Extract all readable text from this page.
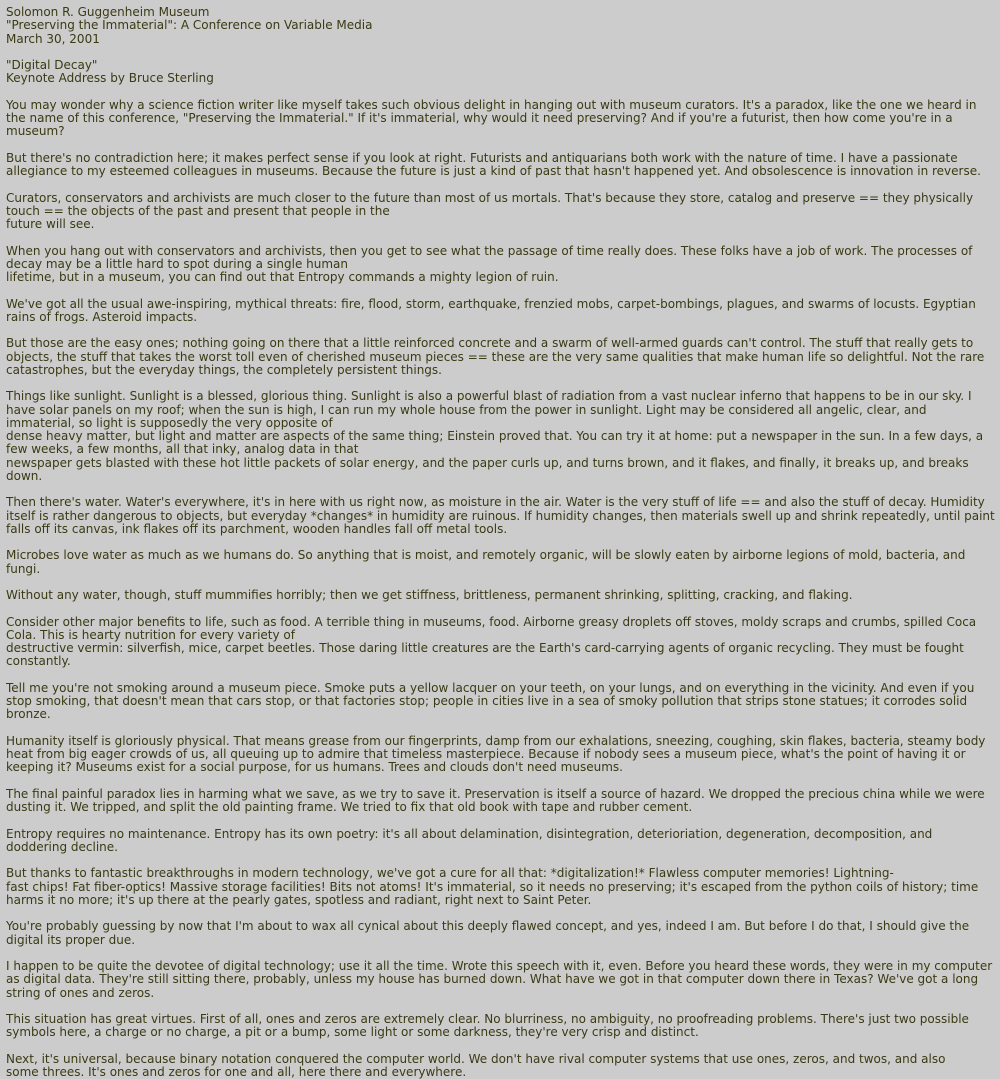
Solomon R. Guggenheim Museum
"Preserving the Immaterial": A Conference on Variable Media
March 30, 2001
"Digital Decay"
Keynote Address by Bruce Sterling
You may wonder why a science fiction writer like myself takes such obvious delight in hanging out with museum curators. It's a paradox, like the one we heard in the name of this conference, "Preserving the Immaterial." If it's immaterial, why would it need preserving? And if you're a futurist, then how come you're in a museum?
But there's no contradiction here; it makes perfect sense if you look at right. Futurists and antiquarians both work with the nature of time. I have a passionate allegiance to my esteemed colleagues in museums. Because the future is just a kind of past that hasn't happened yet. And obsolescence is innovation in reverse.
Curators, conservators and archivists are much closer to the future than most of us mortals. That's because they store, catalog and preserve == they physically touch == the objects of the past and present that people in the
future will see.
When you hang out with conservators and archivists, then you get to see what the passage of time really does. These folks have a job of work. The processes of decay may be a little hard to spot during a single human
lifetime, but in a museum, you can find out that Entropy commands a mighty legion of ruin.
We've got all the usual awe-inspiring, mythical threats: fire, flood, storm, earthquake, frenzied mobs, carpet-bombings, plagues, and swarms of locusts. Egyptian rains of frogs. Asteroid impacts.
But those are the easy ones; nothing going on there that a little reinforced concrete and a swarm of well-armed guards can't control. The stuff that really gets to objects, the stuff that takes the worst toll even of cherished museum pieces == these are the very same qualities that make human life so delightful. Not the rare catastrophes, but the everyday things, the completely persistent things.
Things like sunlight. Sunlight is a blessed, glorious thing. Sunlight is also a powerful blast of radiation from a vast nuclear inferno that happens to be in our sky. I have solar panels on my roof; when the sun is high, I can run my whole house from the power in sunlight. Light may be considered all angelic, clear, and immaterial, so light is supposedly the very opposite of
dense heavy matter, but light and matter are aspects of the same thing; Einstein proved that. You can try it at home: put a newspaper in the sun. In a few days, a few weeks, a few months, all that inky, analog data in that
newspaper gets blasted with these hot little packets of solar energy, and the paper curls up, and turns brown, and it flakes, and finally, it breaks up, and breaks down.
Then there's water. Water's everywhere, it's in here with us right now, as moisture in the air. Water is the very stuff of life == and also the stuff of decay. Humidity itself is rather dangerous to objects, but everyday *changes* in humidity are ruinous. If humidity changes, then materials swell up and shrink repeatedly, until paint falls off its canvas, ink flakes off its parchment, wooden handles fall off metal tools.
Microbes love water as much as we humans do. So anything that is moist, and remotely organic, will be slowly eaten by airborne legions of mold, bacteria, and fungi.
Without any water, though, stuff mummifies horribly; then we get stiffness, brittleness, permanent shrinking, splitting, cracking, and flaking.
Consider other major benefits to life, such as food. A terrible thing in museums, food. Airborne greasy droplets off stoves, moldy scraps and crumbs, spilled Coca Cola. This is hearty nutrition for every variety of
destructive vermin: silverfish, mice, carpet beetles. Those daring little creatures are the Earth's card-carrying agents of organic recycling. They must be fought constantly.
Tell me you're not smoking around a museum piece. Smoke puts a yellow lacquer on your teeth, on your lungs, and on everything in the vicinity. And even if you stop smoking, that doesn't mean that cars stop, or that factories stop; people in cities live in a sea of smoky pollution that strips stone statues; it corrodes solid bronze.
Humanity itself is gloriously physical. That means grease from our fingerprints, damp from our exhalations, sneezing, coughing, skin flakes, bacteria, steamy body heat from big eager crowds of us, all queuing up to admire that timeless masterpiece. Because if nobody sees a museum piece, what's the point of having it or keeping it? Museums exist for a social purpose, for us humans. Trees and clouds don't need museums.
The final painful paradox lies in harming what we save, as we try to save it. Preservation is itself a source of hazard. We dropped the precious china while we were dusting it. We tripped, and split the old painting frame. We tried to fix that old book with tape and rubber cement.
Entropy requires no maintenance. Entropy has its own poetry: it's all about delamination, disintegration, deterioriation, degeneration, decomposition, and doddering decline.
But thanks to fantastic breakthroughs in modern technology, we've got a cure for all that: *digitalization!* Flawless computer memories! Lightning-
fast chips! Fat fiber-optics! Massive storage facilities! Bits not atoms! It's immaterial, so it needs no preserving; it's escaped from the python coils of history; time harms it no more; it's up there at the pearly gates, spotless and radiant, right next to Saint Peter.
You're probably guessing by now that I'm about to wax all cynical about this deeply flawed concept, and yes, indeed I am. But before I do that, I should give the digital its proper due.
I happen to be quite the devotee of digital technology; use it all the time. Wrote this speech with it, even. Before you heard these words, they were in my computer as digital data. They're still sitting there, probably, unless my house has burned down. What have we got in that computer down there in Texas? We've got a long string of ones and zeros.
This situation has great virtues. First of all, ones and zeros are extremely clear. No blurriness, no ambiguity, no proofreading problems. There's just two possible symbols here, a charge or no charge, a pit or a bump, some light or some darkness, they're very crisp and distinct.
Next, it's universal, because binary notation conquered the computer world. We don't have rival computer systems that use ones, zeros, and twos, and also
some threes. It's ones and zeros for one and all, here there and everywhere.
